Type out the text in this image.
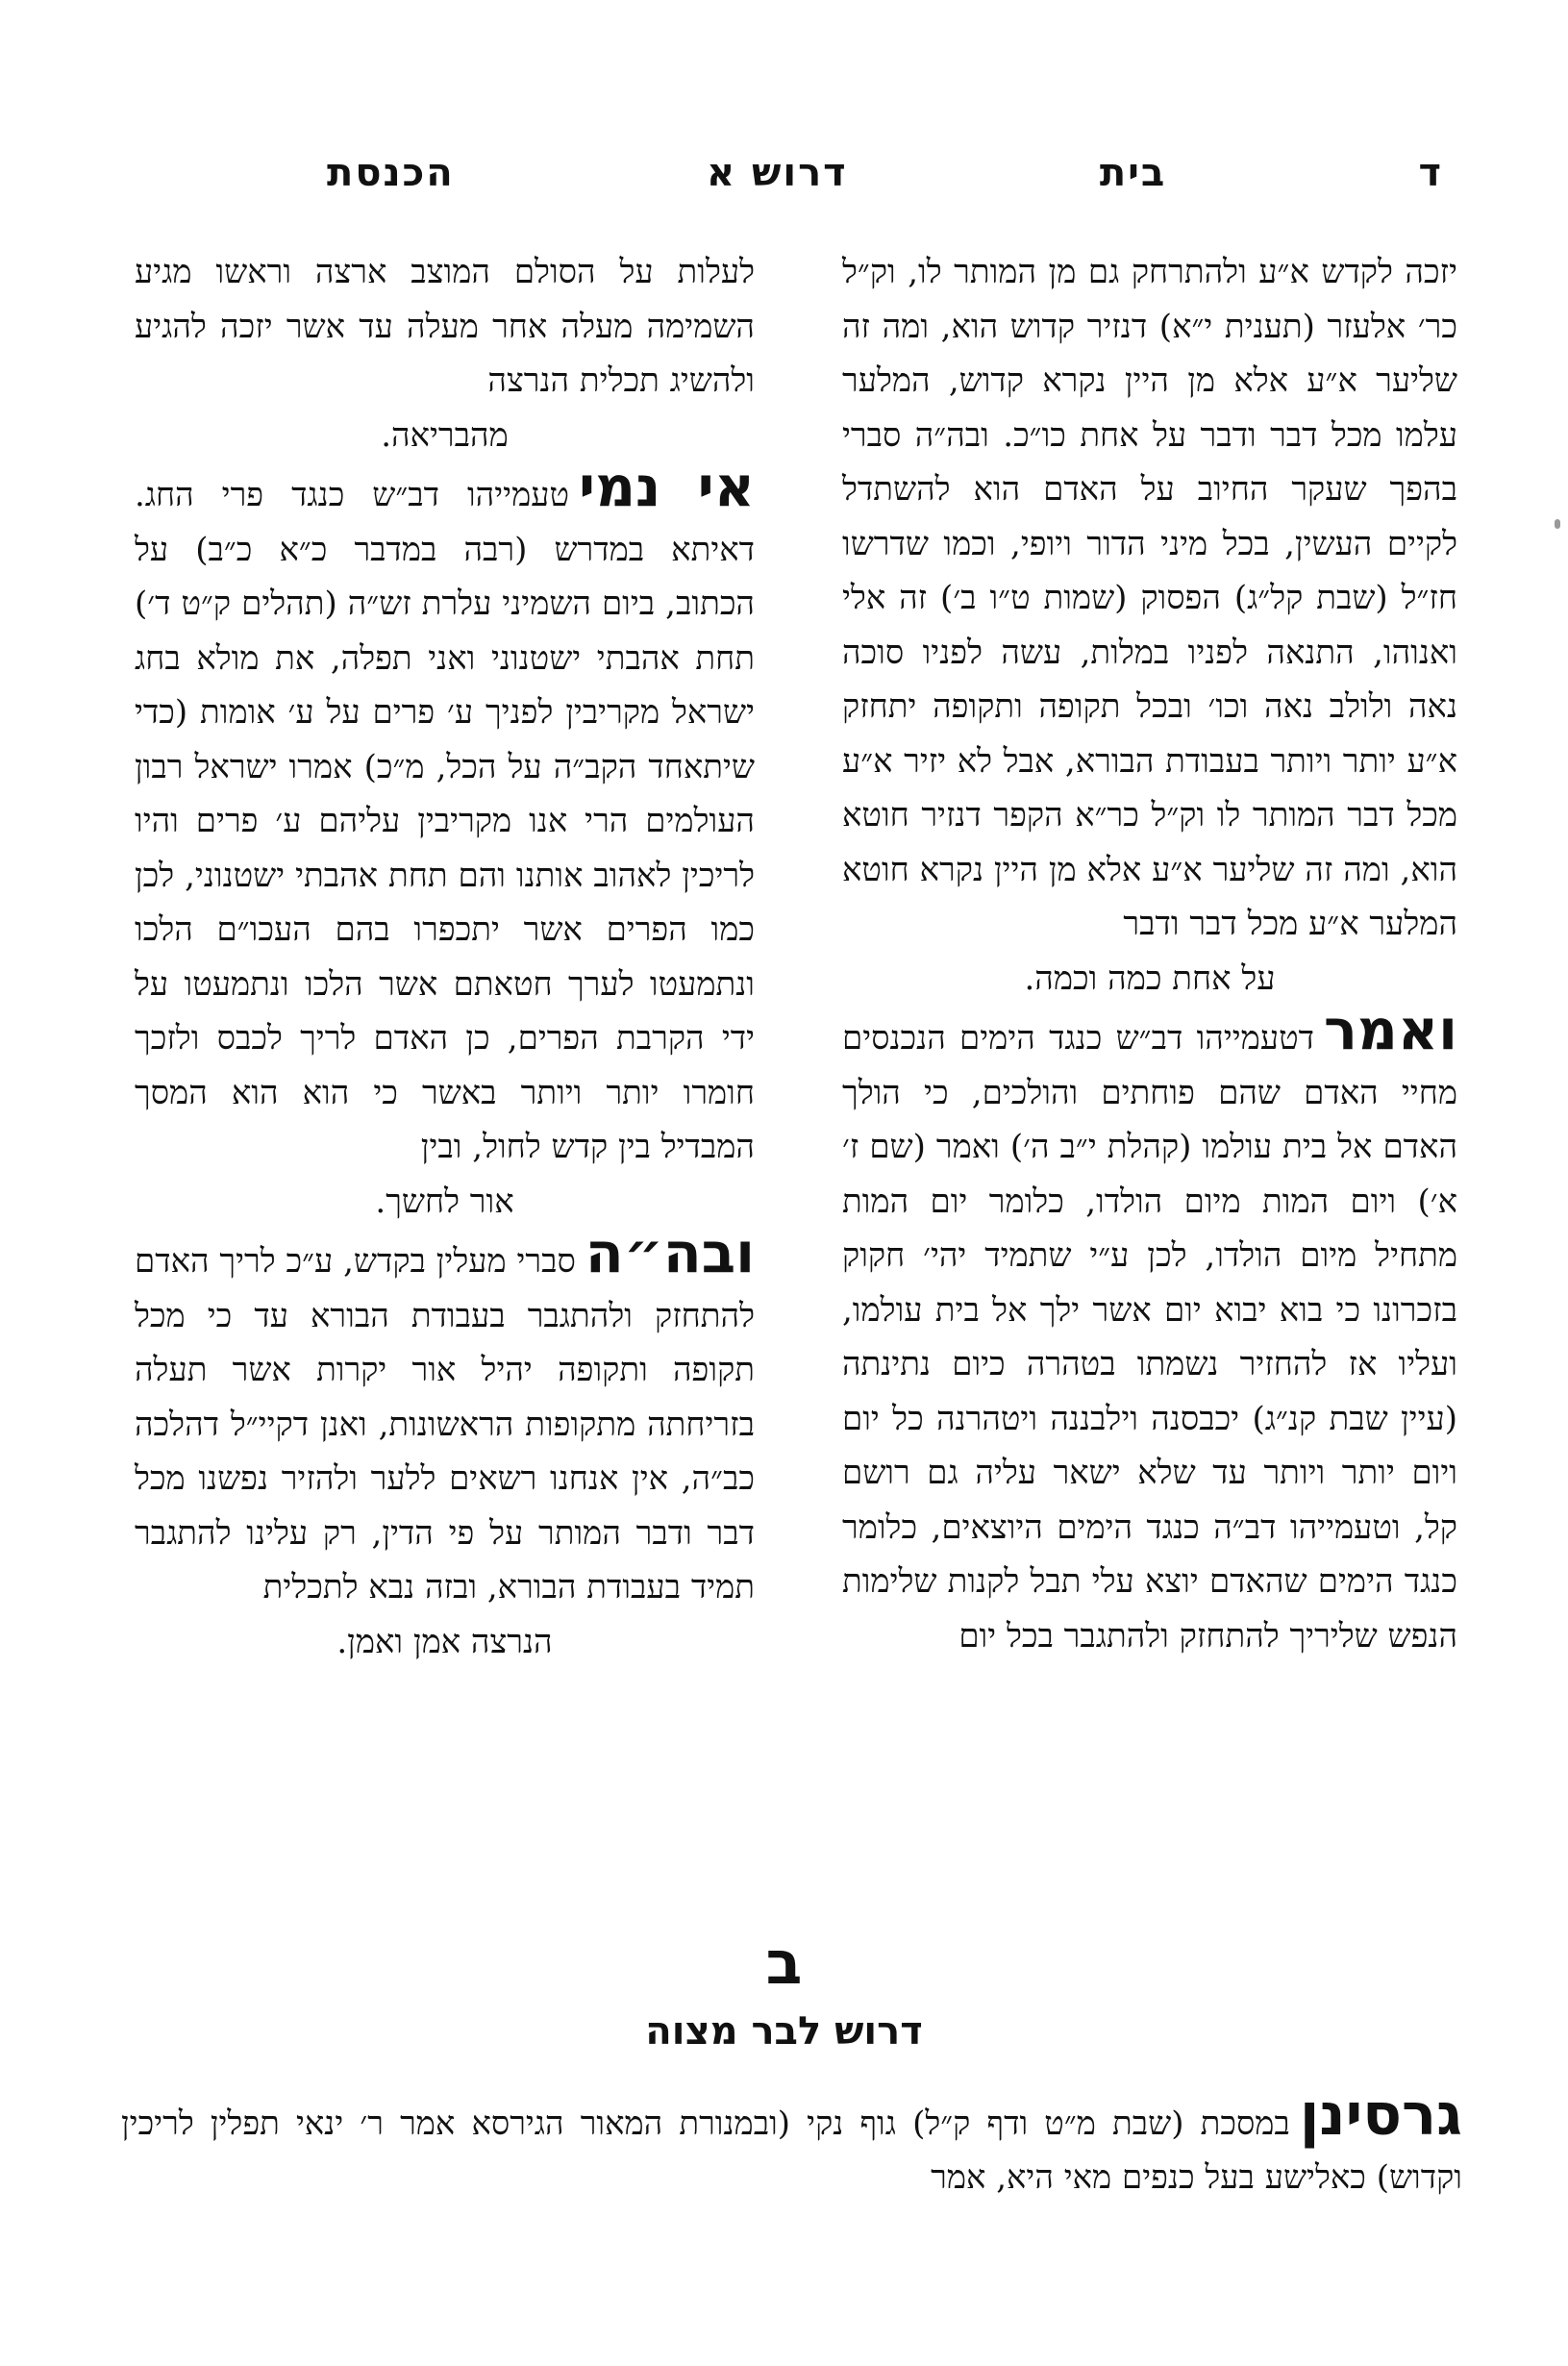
ד
בית
דרוש א
הכנסת

יזכה לקדש א״ע ולהתרחק גם מן המותר לו, וק״ל כר׳ אלעזר (תענית י״א) דנזיר קדוש הוא, ומה זה שליער א״ע אלא מן היין נקרא קדוש, המלער עלמו מכל דבר ודבר על אחת כו״כ. ובה״ה סברי בהפך שעקר החיוב על האדם הוא להשתדל לקיים העשין, בכל מיני הדור ויופי, וכמו שדרשו חז״ל (שבת קל״ג) הפסוק (שמות ט״ו ב׳) זה אלי ואנוהו, התנאה לפניו במלות, עשה לפניו סוכה נאה ולולב נאה וכו׳ ובכל תקופה ותקופה יתחזק א״ע יותר ויותר בעבודת הבורא, אבל לא יזיר א״ע מכל דבר המותר לו וק״ל כר״א הקפר דנזיר חוטא הוא, ומה זה שליער א״ע אלא מן היין נקרא חוטא המלער א״ע מכל דבר ודבר

על אחת כמה וכמה.

ואמרדטעמייהו דב״ש כנגד הימים הנכנסים מחיי האדם שהם פוחתים והולכים, כי הולך האדם אל בית עולמו (קהלת י״ב ה׳) ואמר (שם ז׳ א׳) ויום המות מיום הולדו, כלומר יום המות מתחיל מיום הולדו, לכן ע״י שתמיד יהי׳ חקוק בזכרונו כי בוא יבוא יום אשר ילך אל בית עולמו, ועליו אז להחזיר נשמתו בטהרה כיום נתינתה (עיין שבת קנ״ג) יכבסנה וילבננה ויטהרנה כל יום ויום יותר ויותר עד שלא ישאר עליה גם רושם קל, וטעמייהו דב״ה כנגד הימים היוצאים, כלומר כנגד הימים שהאדם יוצא עלי תבל לקנות שלימות הנפש שליריך להתחזק ולהתגבר בכל יום

לעלות על הסולם המוצב ארצה וראשו מגיע השמימה מעלה אחר מעלה עד אשר יזכה להגיע ולהשיג תכלית הנרצה

מהבריאה.

אי נמיטעמייהו דב״ש כנגד פרי החג. דאיתא במדרש (רבה במדבר כ״א כ״ב) על הכתוב, ביום השמיני עלרת זש״ה (תהלים ק״ט ד׳) תחת אהבתי ישטנוני ואני תפלה, את מולא בחג ישראל מקריבין לפניך ע׳ פרים על ע׳ אומות (כדי שיתאחד הקב״ה על הכל, מ״כ) אמרו ישראל רבון העולמים הרי אנו מקריבין עליהם ע׳ פרים והיו לריכין לאהוב אותנו והם תחת אהבתי ישטנוני, לכן כמו הפרים אשר יתכפרו בהם העכו״ם הלכו ונתמעטו לערך חטאתם אשר הלכו ונתמעטו על ידי הקרבת הפרים, כן האדם לריך לכבס ולזכך חומרו יותר ויותר באשר כי הוא הוא המסך המבדיל בין קדש לחול, ובין

אור לחשך.

ובה״הסברי מעלין בקדש, ע״כ לריך האדם להתחזק ולהתגבר בעבודת הבורא עד כי מכל תקופה ותקופה יהיל אור יקרות אשר תעלה בזריחתה מתקופות הראשונות, ואנן דקיי״ל דהלכה כב״ה, אין אנחנו רשאים ללער ולהזיר נפשנו מכל דבר ודבר המותר על פי הדין, רק עלינו להתגבר תמיד בעבודת הבורא, ובזה נבא לתכלית

הנרצה אמן ואמן.

ב
דרוש לבר מצוה
גרסינןבמסכת (שבת מ״ט ודף ק״ל) גוף נקי (ובמנורת המאור הגירסא אמר ר׳ ינאי תפלין לריכין וקדוש) כאלישע בעל כנפים מאי היא, אמר
